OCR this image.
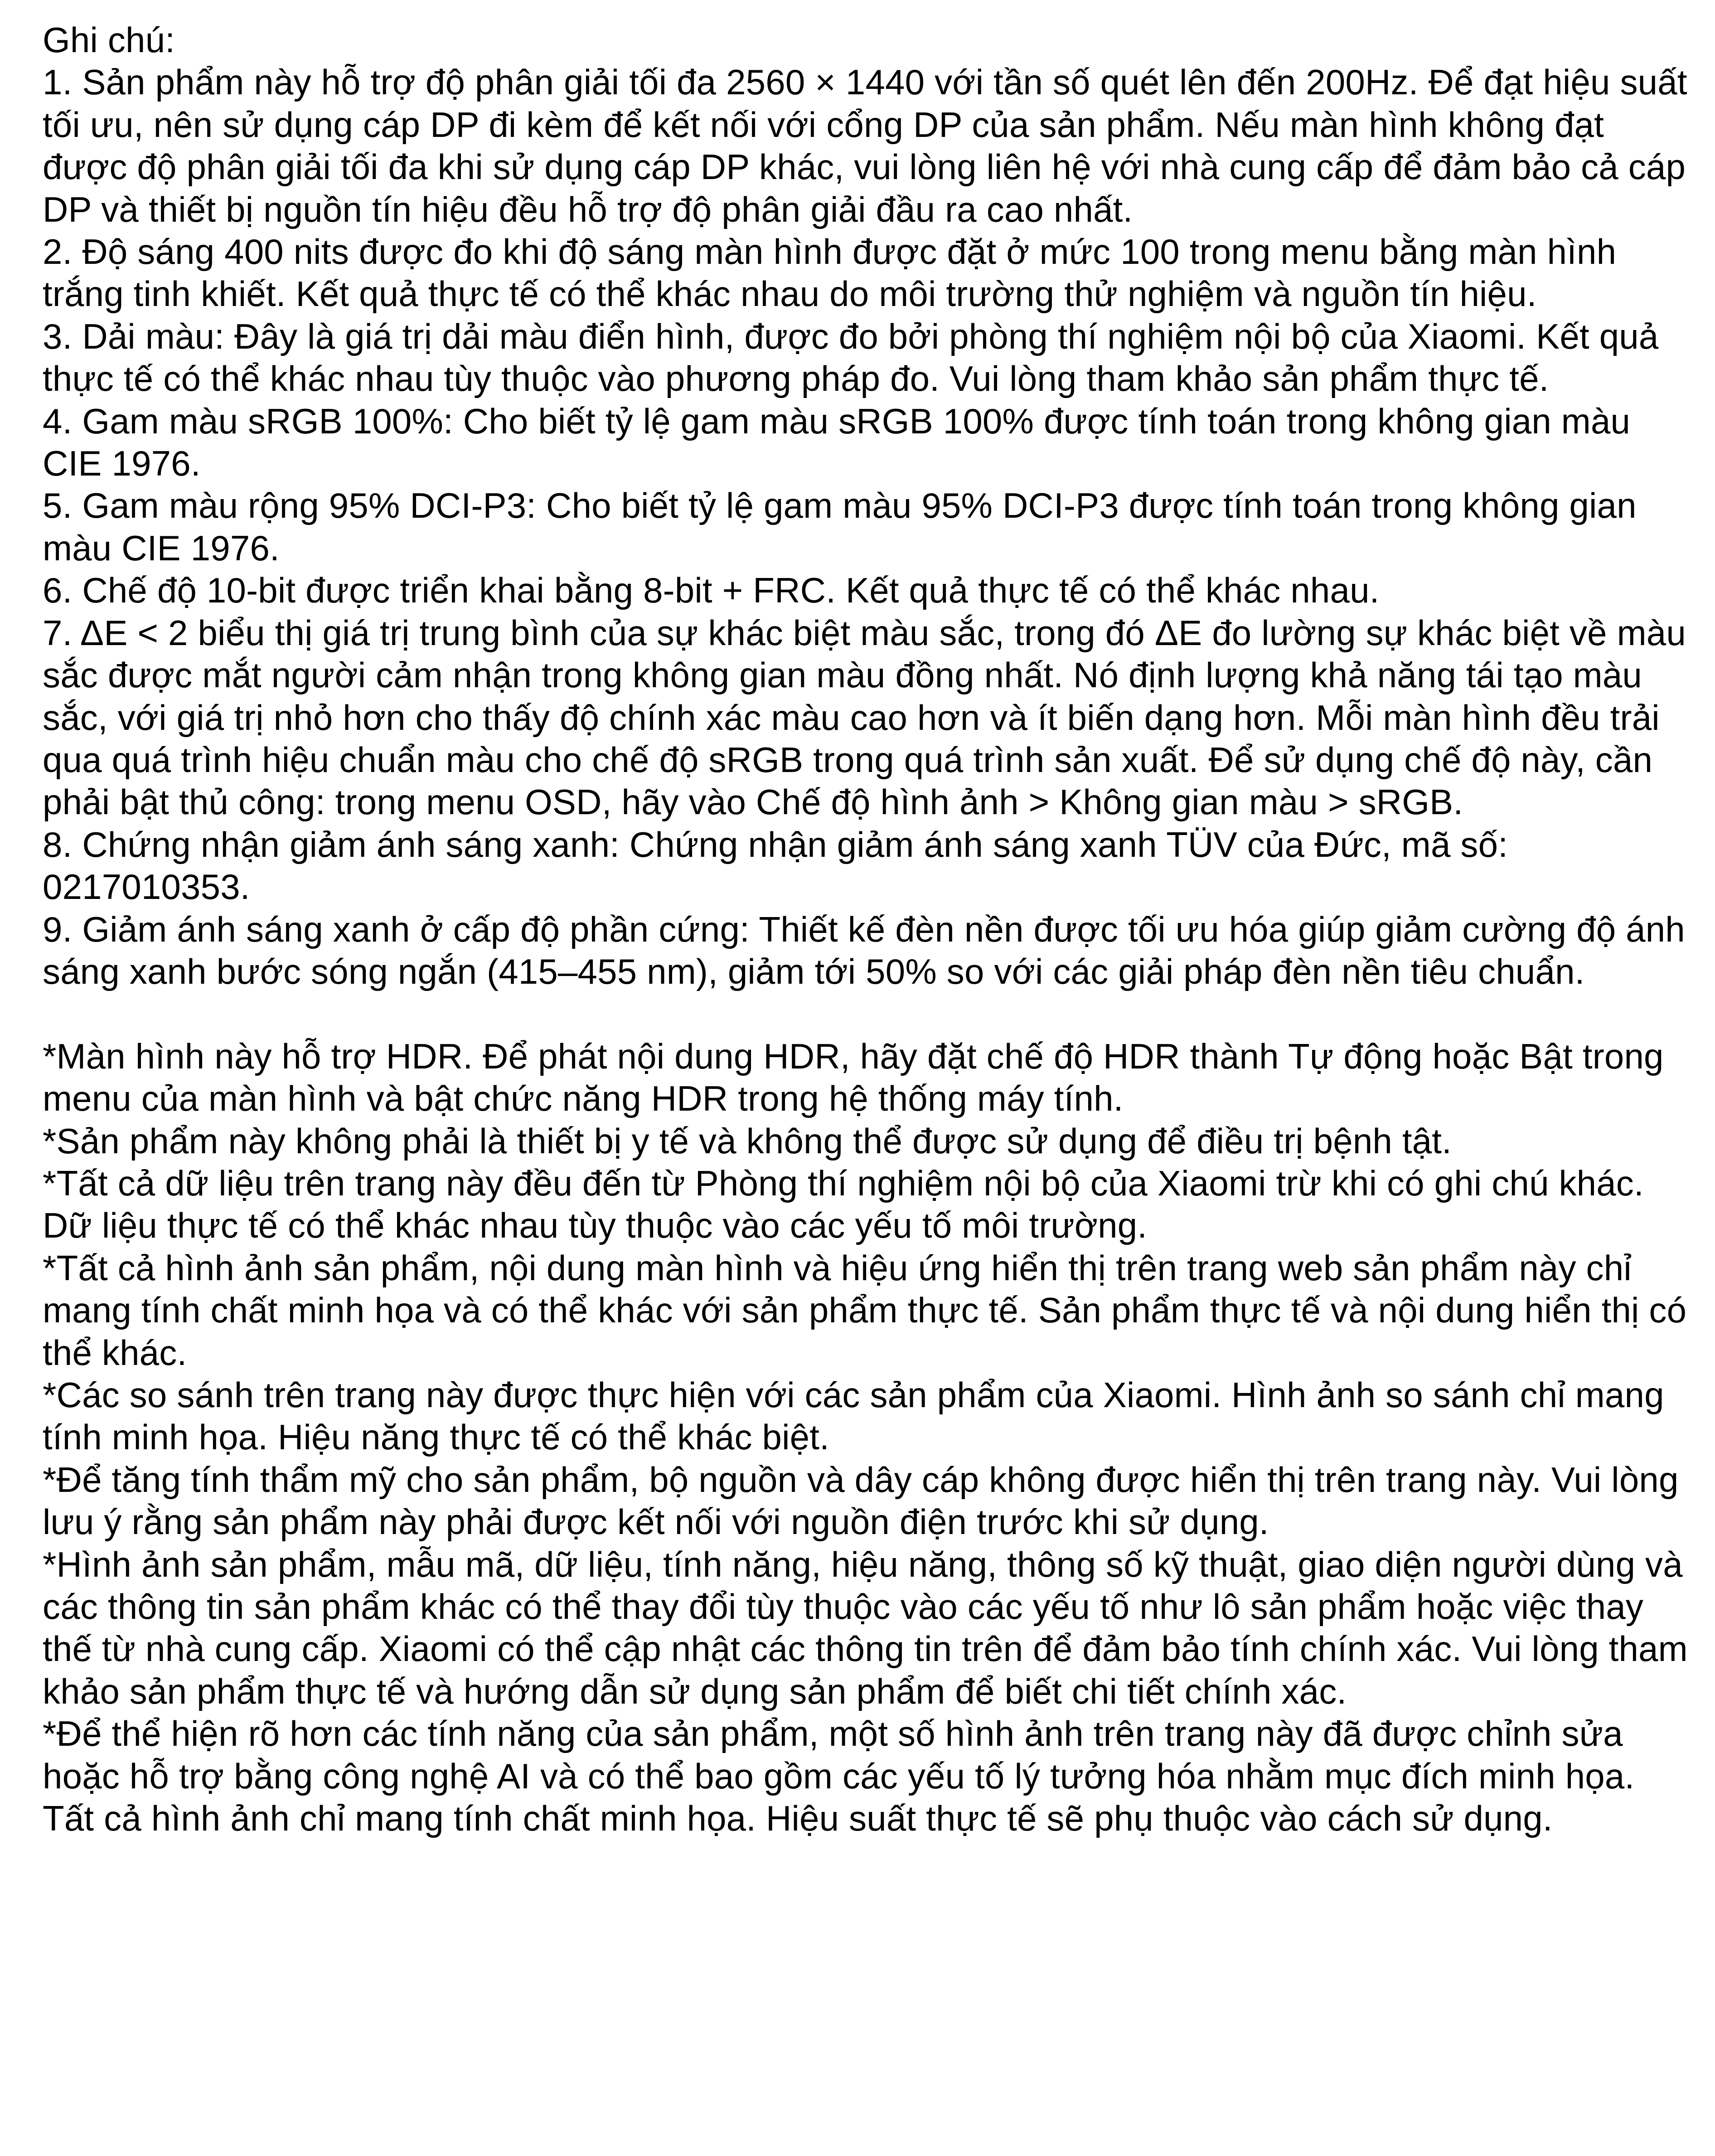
Ghi chú:

1. Sản phẩm này hỗ trợ độ phân giải tối đa 2560 × 1440 với tần số quét lên đến 200Hz. Để đạt hiệu suất tối ưu, nên sử dụng cáp DP đi kèm để kết nối với cổng DP của sản phẩm. Nếu màn hình không đạt được độ phân giải tối đa khi sử dụng cáp DP khác, vui lòng liên hệ với nhà cung cấp để đảm bảo cả cáp DP và thiết bị nguồn tín hiệu đều hỗ trợ độ phân giải đầu ra cao nhất.

2. Độ sáng 400 nits được đo khi độ sáng màn hình được đặt ở mức 100 trong menu bằng màn hình trắng tinh khiết. Kết quả thực tế có thể khác nhau do môi trường thử nghiệm và nguồn tín hiệu.

3. Dải màu: Đây là giá trị dải màu điển hình, được đo bởi phòng thí nghiệm nội bộ của Xiaomi. Kết quả thực tế có thể khác nhau tùy thuộc vào phương pháp đo. Vui lòng tham khảo sản phẩm thực tế.

4. Gam màu sRGB 100%: Cho biết tỷ lệ gam màu sRGB 100% được tính toán trong không gian màu CIE 1976.

5. Gam màu rộng 95% DCI-P3: Cho biết tỷ lệ gam màu 95% DCI-P3 được tính toán trong không gian màu CIE 1976.

6. Chế độ 10-bit được triển khai bằng 8-bit + FRC. Kết quả thực tế có thể khác nhau.

7. ΔE < 2 biểu thị giá trị trung bình của sự khác biệt màu sắc, trong đó ΔE đo lường sự khác biệt về màu sắc được mắt người cảm nhận trong không gian màu đồng nhất. Nó định lượng khả năng tái tạo màu sắc, với giá trị nhỏ hơn cho thấy độ chính xác màu cao hơn và ít biến dạng hơn. Mỗi màn hình đều trải qua quá trình hiệu chuẩn màu cho chế độ sRGB trong quá trình sản xuất. Để sử dụng chế độ này, cần phải bật thủ công: trong menu OSD, hãy vào Chế độ hình ảnh > Không gian màu > sRGB.

8. Chứng nhận giảm ánh sáng xanh: Chứng nhận giảm ánh sáng xanh TÜV của Đức, mã số: 0217010353.

9. Giảm ánh sáng xanh ở cấp độ phần cứng: Thiết kế đèn nền được tối ưu hóa giúp giảm cường độ ánh sáng xanh bước sóng ngắn (415–455 nm), giảm tới 50% so với các giải pháp đèn nền tiêu chuẩn.

*Màn hình này hỗ trợ HDR. Để phát nội dung HDR, hãy đặt chế độ HDR thành Tự động hoặc Bật trong menu của màn hình và bật chức năng HDR trong hệ thống máy tính.

*Sản phẩm này không phải là thiết bị y tế và không thể được sử dụng để điều trị bệnh tật.

*Tất cả dữ liệu trên trang này đều đến từ Phòng thí nghiệm nội bộ của Xiaomi trừ khi có ghi chú khác. Dữ liệu thực tế có thể khác nhau tùy thuộc vào các yếu tố môi trường.

*Tất cả hình ảnh sản phẩm, nội dung màn hình và hiệu ứng hiển thị trên trang web sản phẩm này chỉ mang tính chất minh họa và có thể khác với sản phẩm thực tế. Sản phẩm thực tế và nội dung hiển thị có thể khác.

*Các so sánh trên trang này được thực hiện với các sản phẩm của Xiaomi. Hình ảnh so sánh chỉ mang tính minh họa. Hiệu năng thực tế có thể khác biệt.

*Để tăng tính thẩm mỹ cho sản phẩm, bộ nguồn và dây cáp không được hiển thị trên trang này. Vui lòng lưu ý rằng sản phẩm này phải được kết nối với nguồn điện trước khi sử dụng.

*Hình ảnh sản phẩm, mẫu mã, dữ liệu, tính năng, hiệu năng, thông số kỹ thuật, giao diện người dùng và các thông tin sản phẩm khác có thể thay đổi tùy thuộc vào các yếu tố như lô sản phẩm hoặc việc thay thế từ nhà cung cấp. Xiaomi có thể cập nhật các thông tin trên để đảm bảo tính chính xác. Vui lòng tham khảo sản phẩm thực tế và hướng dẫn sử dụng sản phẩm để biết chi tiết chính xác.

*Để thể hiện rõ hơn các tính năng của sản phẩm, một số hình ảnh trên trang này đã được chỉnh sửa hoặc hỗ trợ bằng công nghệ AI và có thể bao gồm các yếu tố lý tưởng hóa nhằm mục đích minh họa. Tất cả hình ảnh chỉ mang tính chất minh họa. Hiệu suất thực tế sẽ phụ thuộc vào cách sử dụng.
